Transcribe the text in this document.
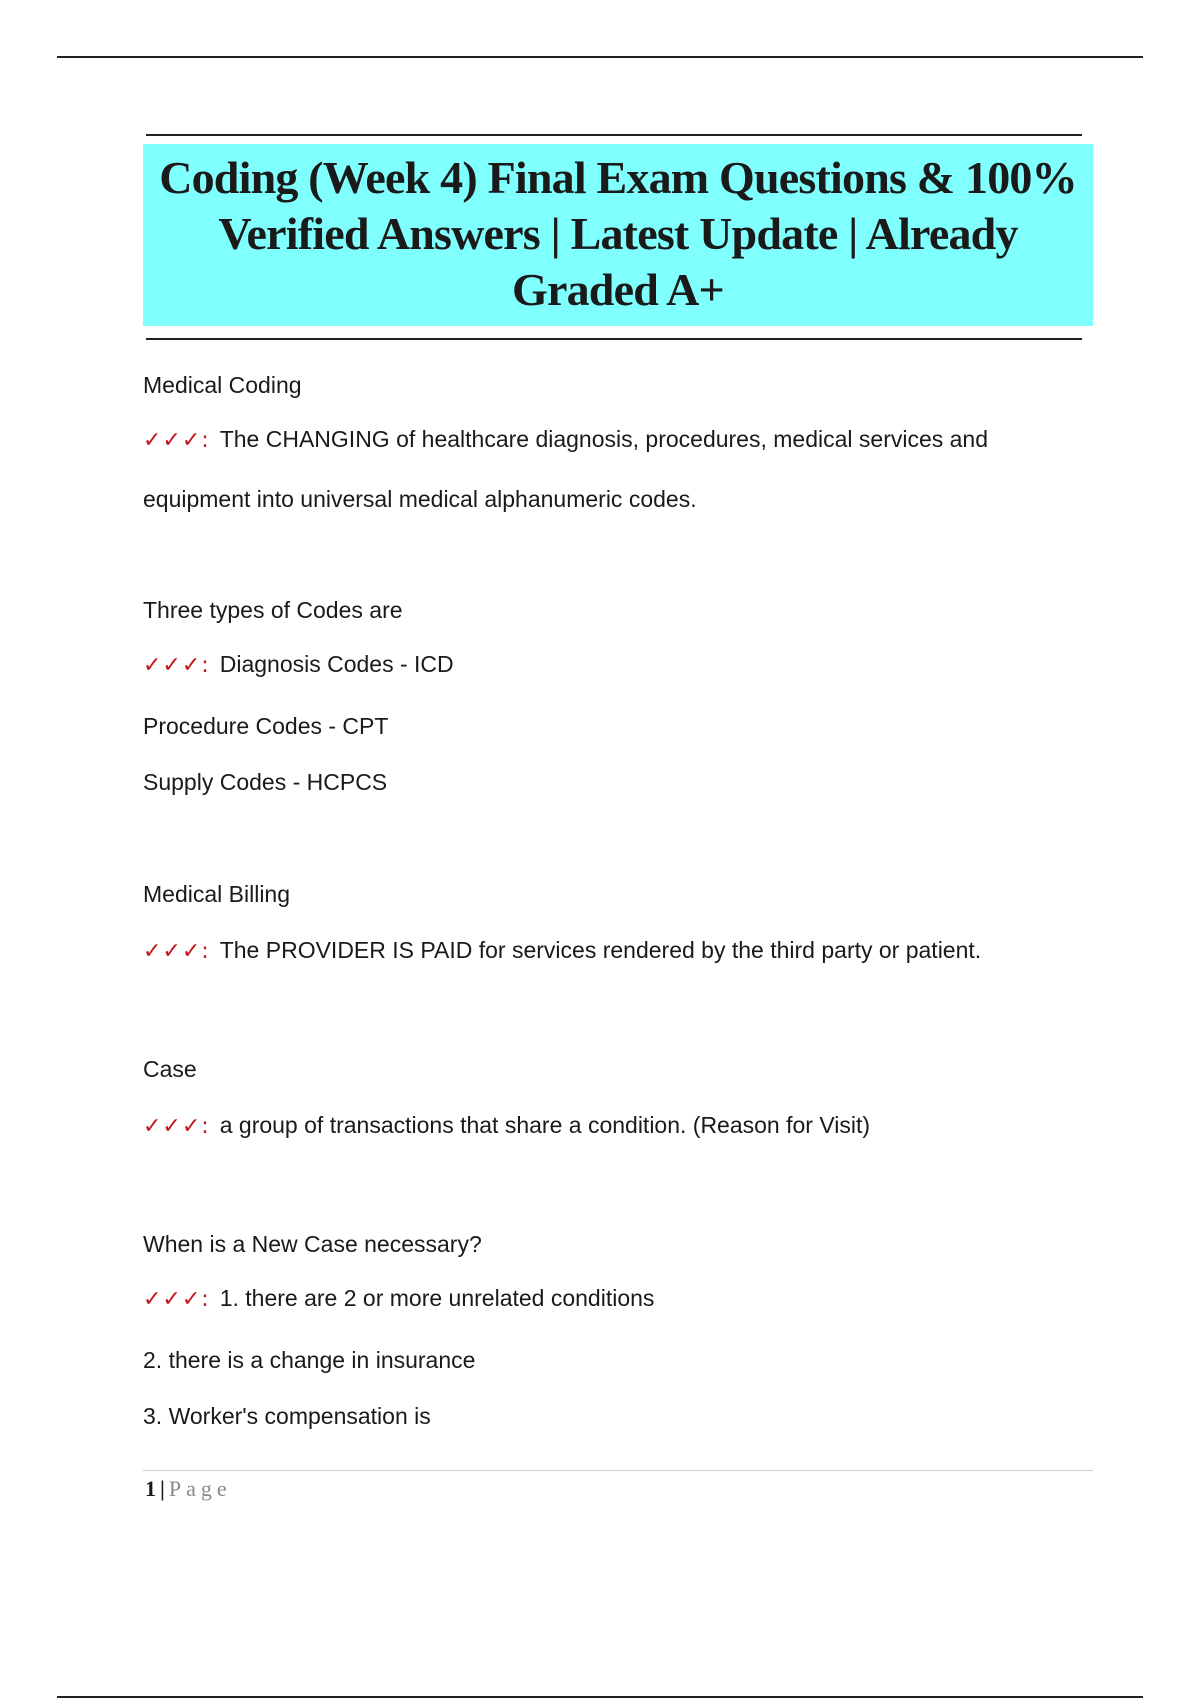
Coding (Week 4) Final Exam Questions & 100% Verified Answers | Latest Update | Already Graded A+

Medical Coding

✓✓✓: The CHANGING of healthcare diagnosis, procedures, medical services and

equipment into universal medical alphanumeric codes.

Three types of Codes are

✓✓✓: Diagnosis Codes - ICD

Procedure Codes - CPT

Supply Codes - HCPCS

Medical Billing

✓✓✓: The PROVIDER IS PAID for services rendered by the third party or patient.

Case

✓✓✓: a group of transactions that share a condition. (Reason for Visit)

When is a New Case necessary?

✓✓✓: 1. there are 2 or more unrelated conditions

2. there is a change in insurance

3. Worker's compensation is

1 | Page
